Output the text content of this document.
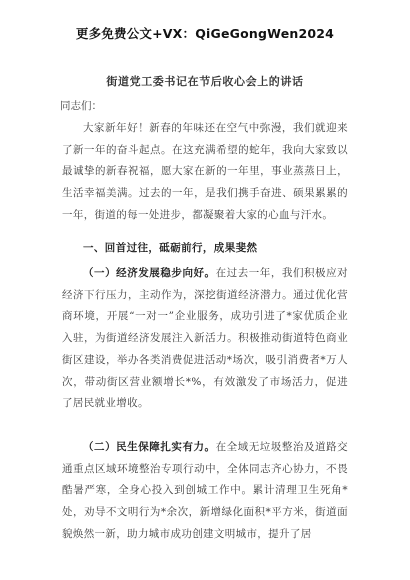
更多免费公文+VX：QiGeGongWen2024
街道党工委书记在节后收心会上的讲话
同志们：
大家新年好！新春的年味还在空气中弥漫，我们就迎来了新一年的奋斗起点。在这充满希望的蛇年，我向大家致以最诚挚的新春祝福，愿大家在新的一年里，事业蒸蒸日上，生活幸福美满。过去的一年，是我们携手奋进、硕果累累的一年，街道的每一处进步，都凝聚着大家的心血与汗水。
一、回首过往，砥砺前行，成果斐然
（一）经济发展稳步向好。在过去一年，我们积极应对经济下行压力，主动作为，深挖街道经济潜力。通过优化营商环境，开展“一对一”企业服务，成功引进了*家优质企业入驻，为街道经济发展注入新活力。积极推动街道特色商业街区建设，举办各类消费促进活动*场次，吸引消费者*万人次，带动街区营业额增长*%，有效激发了市场活力，促进了居民就业增收。
（二）民生保障扎实有力。在全域无垃圾整治及道路交通重点区域环境整治专项行动中，全体同志齐心协力，不畏酷暑严寒，全身心投入到创城工作中。累计清理卫生死角*处，劝导不文明行为*余次，新增绿化面积*平方米，街道面貌焕然一新，助力城市成功创建文明城市，提升了居
